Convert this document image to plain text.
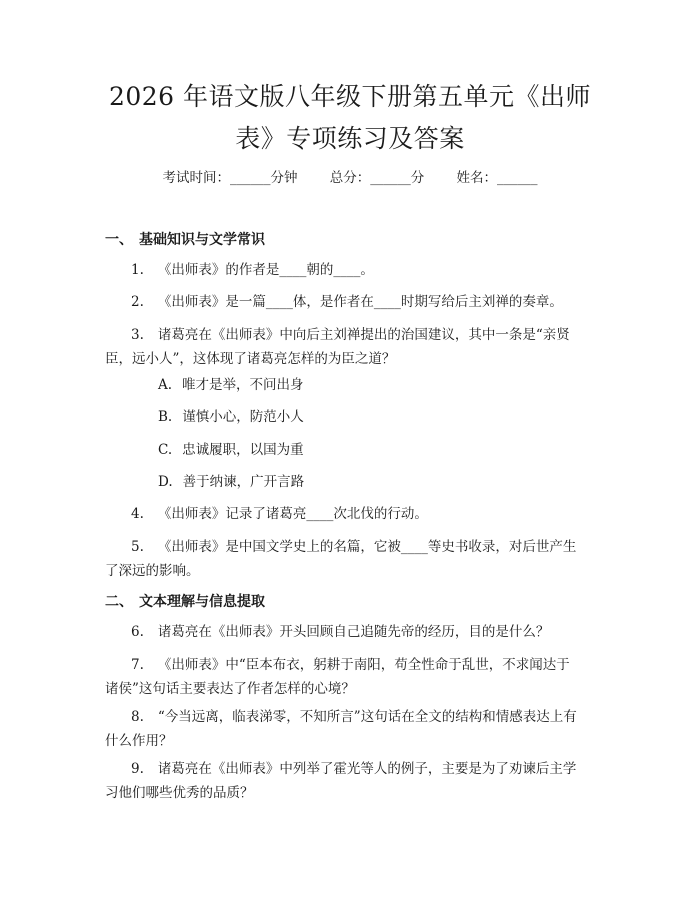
2026 年语文版八年级下册第五单元《出师
表》专项练习及答案
考试时间：______分钟 总分：______分 姓名：______
一、 基础知识与文学常识
1. 《出师表》的作者是____朝的____。
2. 《出师表》是一篇____体，是作者在____时期写给后主刘禅的奏章。
3. 诸葛亮在《出师表》中向后主刘禅提出的治国建议，其中一条是“亲贤臣，远小人”，这体现了诸葛亮怎样的为臣之道？
A. 唯才是举，不问出身
B. 谨慎小心，防范小人
C. 忠诚履职，以国为重
D. 善于纳谏，广开言路
4. 《出师表》记录了诸葛亮____次北伐的行动。
5. 《出师表》是中国文学史上的名篇，它被____等史书收录，对后世产生了深远的影响。
二、 文本理解与信息提取
6. 诸葛亮在《出师表》开头回顾自己追随先帝的经历，目的是什么？
7. 《出师表》中“臣本布衣，躬耕于南阳，苟全性命于乱世，不求闻达于诸侯”这句话主要表达了作者怎样的心境？
8. “今当远离，临表涕零，不知所言”这句话在全文的结构和情感表达上有什么作用？
9. 诸葛亮在《出师表》中列举了霍光等人的例子，主要是为了劝谏后主学习他们哪些优秀的品质？
